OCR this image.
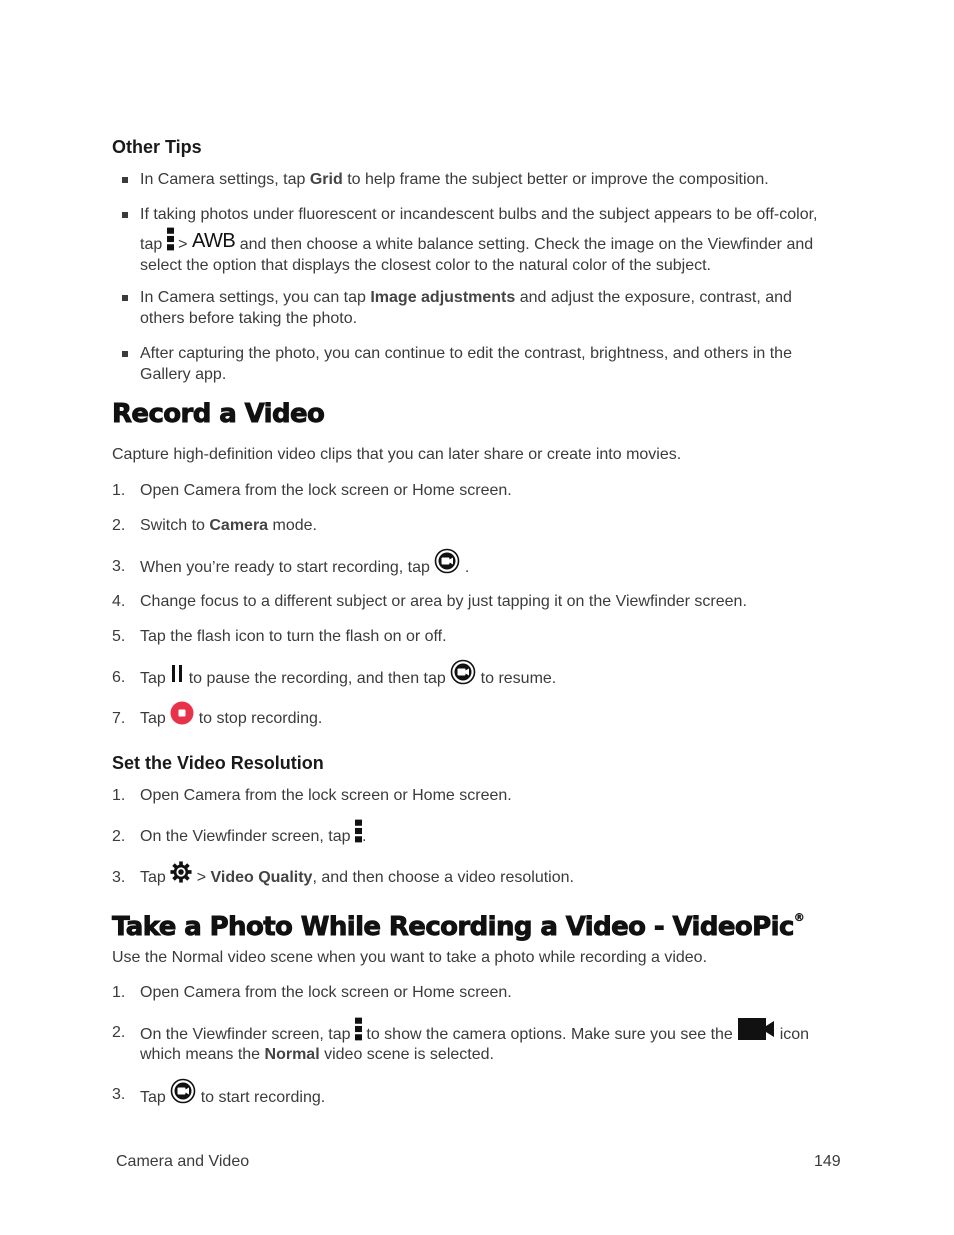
Other Tips
In Camera settings, tap Grid to help frame the subject better or improve the composition.
If taking photos under fluorescent or incandescent bulbs and the subject appears to be off-color,
tap  > AWB and then choose a white balance setting. Check the image on the Viewfinder and select the option that displays the closest color to the natural color of the subject.
In Camera settings, you can tap Image adjustments and adjust the exposure, contrast, and others before taking the photo.
After capturing the photo, you can continue to edit the contrast, brightness, and others in the Gallery app.
Record a Video
Capture high-definition video clips that you can later share or create into movies.
1. Open Camera from the lock screen or Home screen.
2. Switch to Camera mode.
3. When you’re ready to start recording, tap  .
4. Change focus to a different subject or area by just tapping it on the Viewfinder screen.
5. Tap the flash icon to turn the flash on or off.
6. Tap  to pause the recording, and then tap  to resume.
7. Tap  to stop recording.
Set the Video Resolution
1. Open Camera from the lock screen or Home screen.
2. On the Viewfinder screen, tap .
3. Tap  > Video Quality, and then choose a video resolution.
Take a Photo While Recording a Video - VideoPic®
Use the Normal video scene when you want to take a photo while recording a video.
1. Open Camera from the lock screen or Home screen.
2. On the Viewfinder screen, tap  to show the camera options. Make sure you see the  icon
which means the Normal video scene is selected.
3. Tap  to start recording.
Camera and Video	149
